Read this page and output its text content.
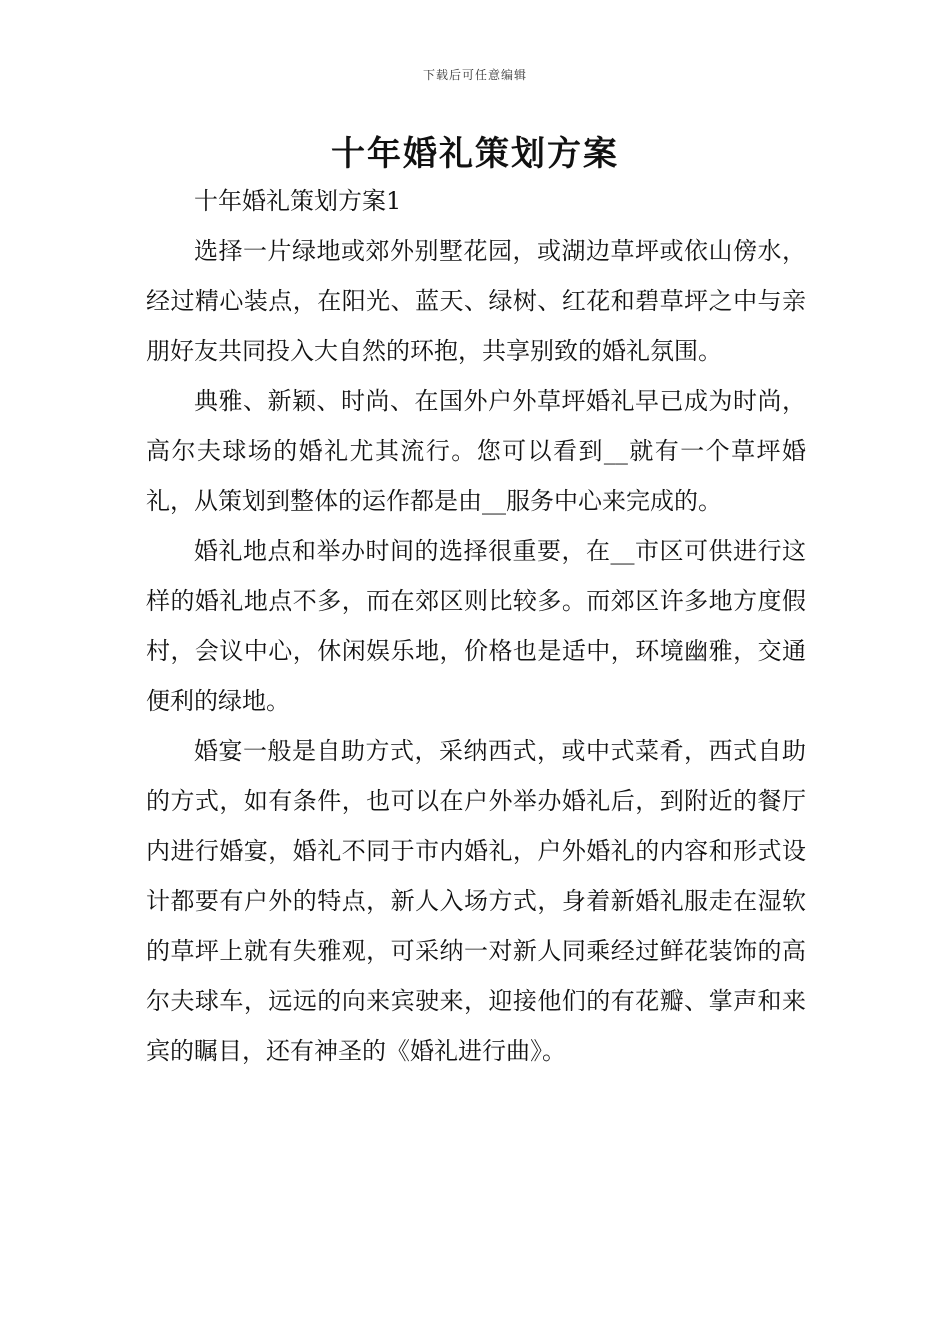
下载后可任意编辑
十年婚礼策划方案

十年婚礼策划方案1

选择一片绿地或郊外别墅花园，或湖边草坪或依山傍水，经过精心装点，在阳光、蓝天、绿树、红花和碧草坪之中与亲朋好友共同投入大自然的环抱，共享别致的婚礼氛围。

典雅、新颖、时尚、在国外户外草坪婚礼早已成为时尚，高尔夫球场的婚礼尤其流行。您可以看到__就有一个草坪婚礼，从策划到整体的运作都是由__服务中心来完成的。

婚礼地点和举办时间的选择很重要，在__市区可供进行这样的婚礼地点不多，而在郊区则比较多。而郊区许多地方度假村，会议中心，休闲娱乐地，价格也是适中，环境幽雅，交通便利的绿地。

婚宴一般是自助方式，采纳西式，或中式菜肴，西式自助的方式，如有条件，也可以在户外举办婚礼后，到附近的餐厅内进行婚宴，婚礼不同于市内婚礼，户外婚礼的内容和形式设计都要有户外的特点，新人入场方式，身着新婚礼服走在湿软的草坪上就有失雅观，可采纳一对新人同乘经过鲜花装饰的高尔夫球车，远远的向来宾驶来，迎接他们的有花瓣、掌声和来宾的瞩目，还有神圣的《婚礼进行曲》。
